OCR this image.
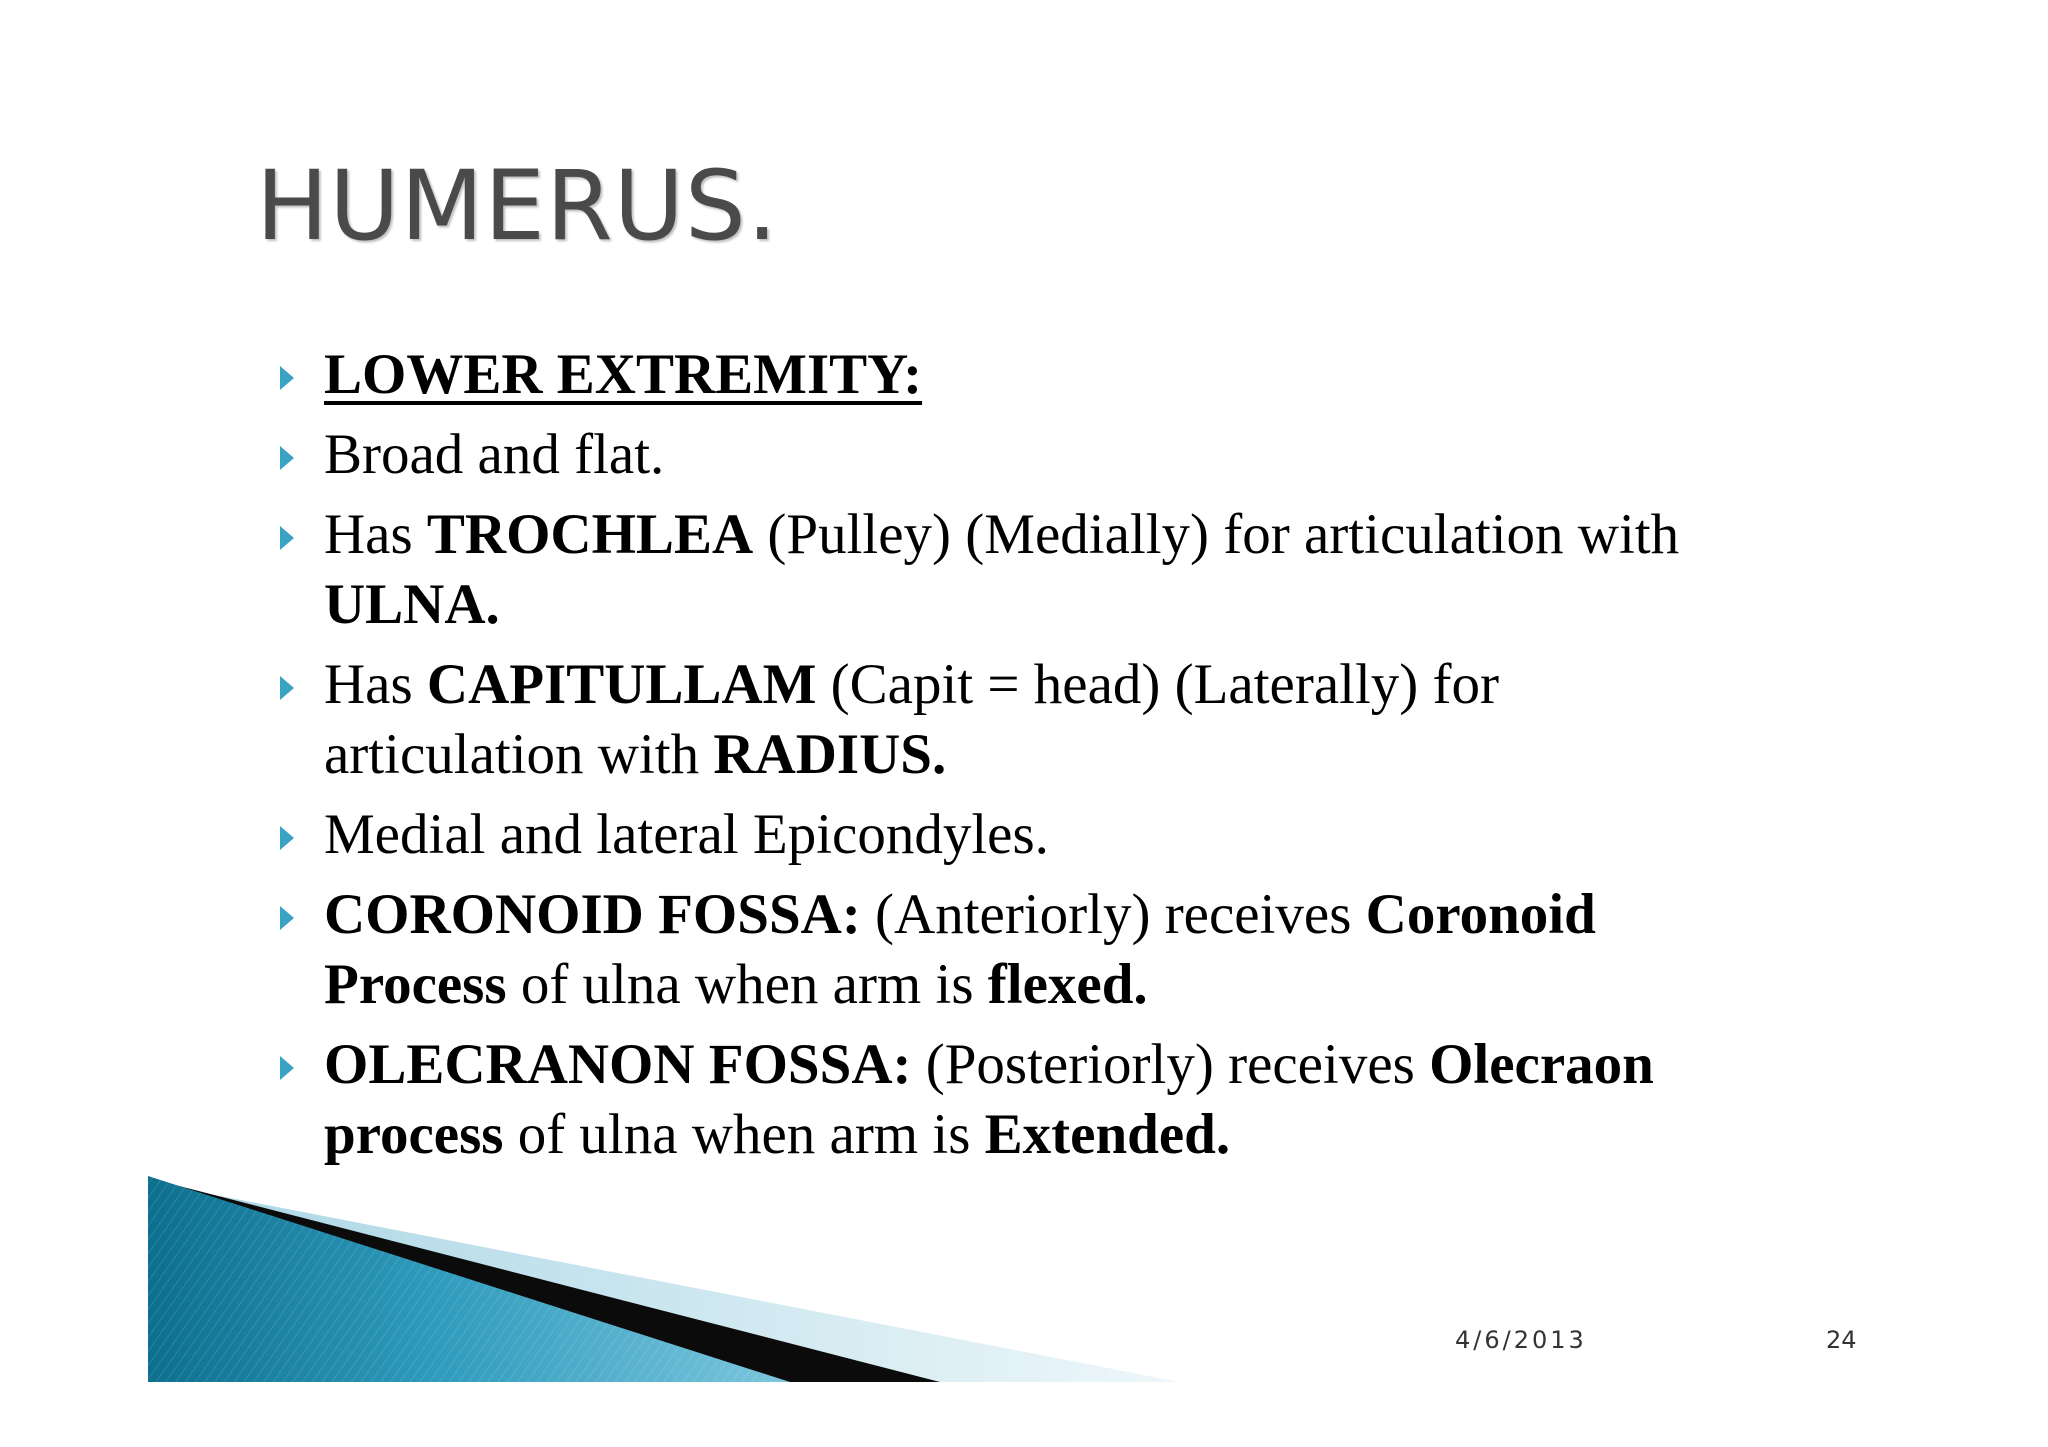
HUMERUS.
LOWER EXTREMITY:
Broad and flat.
Has TROCHLEA (Pulley) (Medially) for articulation with ULNA.
Has CAPITULLAM (Capit = head) (Laterally) for articulation with RADIUS.
Medial and lateral Epicondyles.
CORONOID FOSSA: (Anteriorly) receives Coronoid Process of ulna when arm is flexed.
OLECRANON FOSSA: (Posteriorly) receives Olecraon process of ulna when arm is Extended.
4/6/2013	24
